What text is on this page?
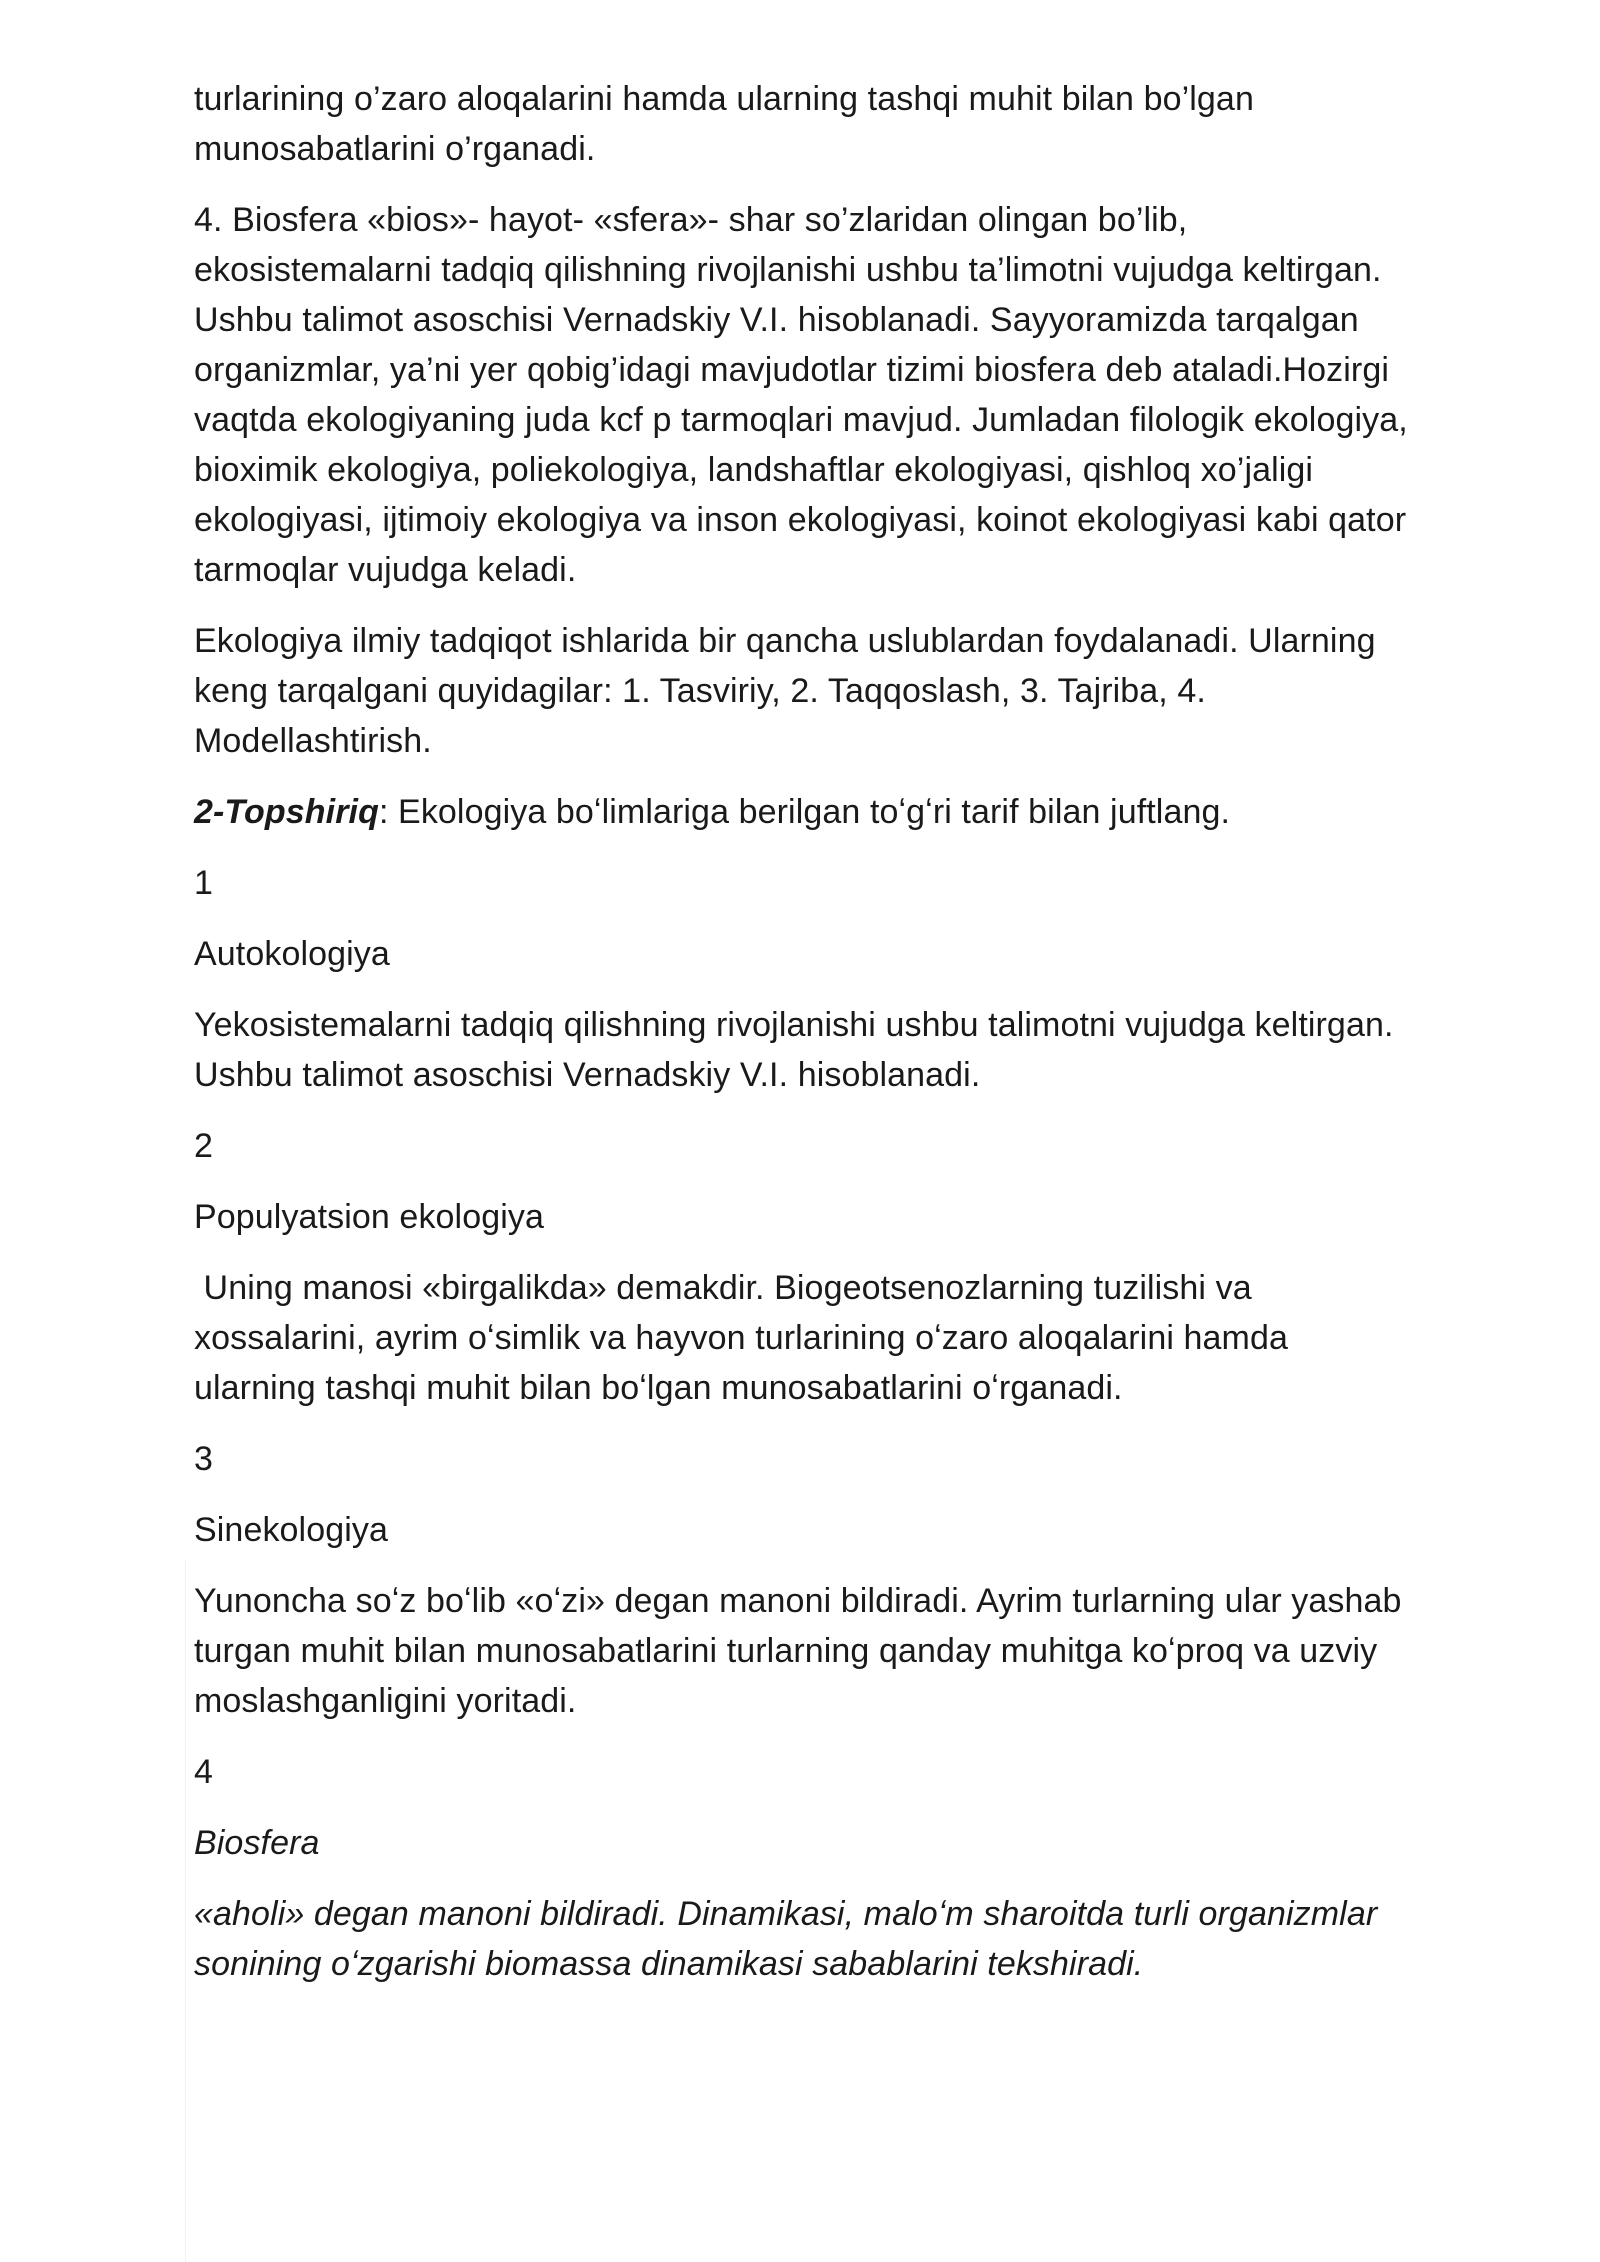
turlarining o’zaro aloqalarini hamda ularning tashqi muhit bilan bo’lgan munosabatlarini o’rganadi.

4. Biosfera «bios»- hayot- «sfera»- shar so’zlaridan olingan bo’lib, ekosistemalarni tadqiq qilishning rivojlanishi ushbu ta’limotni vujudga keltirgan. Ushbu talimot asoschisi Vernadskiy V.I. hisoblanadi. Sayyoramizda tarqalgan organizmlar, ya’ni yer qobig’idagi mavjudotlar tizimi biosfera deb ataladi.Hozirgi vaqtda ekologiyaning juda kcf p tarmoqlari mavjud. Jumladan filologik ekologiya, bioximik ekologiya, poliekologiya, landshaftlar ekologiyasi, qishloq xo’jaligi ekologiyasi, ijtimoiy ekologiya va inson ekologiyasi, koinot ekologiyasi kabi qator tarmoqlar vujudga keladi.

Ekologiya ilmiy tadqiqot ishlarida bir qancha uslublardan foydalanadi. Ularning keng tarqalgani quyidagilar: 1. Tasviriy, 2. Taqqoslash, 3. Tajriba, 4. Modellashtirish.

2-Topshiriq: Ekologiya boʻlimlariga berilgan toʻgʻri tarif bilan juftlang.

1

Autokologiya

Yekosistemalarni tadqiq qilishning rivojlanishi ushbu talimotni vujudga keltirgan. Ushbu talimot asoschisi Vernadskiy V.I. hisoblanadi.

2

Populyatsion ekologiya

Uning manosi «birgalikda» demakdir. Biogeotsenozlarning tuzilishi va xossalarini, ayrim oʻsimlik va hayvon turlarining oʻzaro aloqalarini hamda ularning tashqi muhit bilan boʻlgan munosabatlarini oʻrganadi.

3

Sinekologiya

Yunoncha soʻz boʻlib «oʻzi» degan manoni bildiradi. Ayrim turlarning ular yashab turgan muhit bilan munosabatlarini turlarning qanday muhitga koʻproq va uzviy moslashganligini yoritadi.

4

Biosfera

«aholi» degan manoni bildiradi. Dinamikasi, maloʻm sharoitda turli organizmlar sonining oʻzgarishi biomassa dinamikasi sabablarini tekshiradi.
